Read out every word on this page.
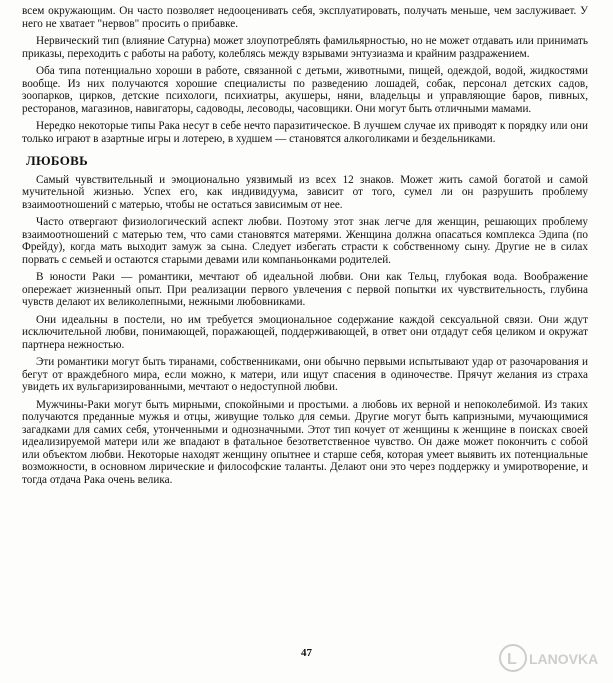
всем окружающим. Он часто позволяет недооценивать себя, эксплуатировать, получать меньше, чем заслуживает. У него не хватает "нервов" просить о прибавке.

Нервический тип (влияние Сатурна) может злоупотреблять фамильярностью, но не может отдавать или принимать приказы, переходить с работы на работу, колеблясь между взрывами энтузиазма и крайним раздражением.

Оба типа потенциально хороши в работе, связанной с детьми, животными, пищей, одеждой, водой, жидкостями вообще. Из них получаются хорошие специалисты по разведению лошадей, собак, персонал детских садов, зоопарков, цирков, детские психологи, психиатры, акушеры, няни, владельцы и управляющие баров, пивных, ресторанов, магазинов, навигаторы, садоводы, лесоводы, часовщики. Они могут быть отличными мамами.

Нередко некоторые типы Рака несут в себе нечто паразитическое. В лучшем случае их приводят к порядку или они только играют в азартные игры и лотерею, в худшем — становятся алкоголиками и бездельниками.

ЛЮБОВЬ

Самый чувствительный и эмоционально уязвимый из всех 12 знаков. Может жить самой богатой и самой мучительной жизнью. Успех его, как индивидуума, зависит от того, сумел ли он разрушить проблему взаимоотношений с матерью, чтобы не остаться зависимым от нее.

Часто отвергают физиологический аспект любви. Поэтому этот знак легче для женщин, решающих проблему взаимоотношений с матерью тем, что сами становятся матерями. Женщина должна опасаться комплекса Эдипа (по Фрейду), когда мать выходит замуж за сына. Следует избегать страсти к собственному сыну. Другие не в силах порвать с семьей и остаются старыми девами или компаньонками родителей.

В юности Раки — романтики, мечтают об идеальной любви. Они как Тельц, глубокая вода. Воображение опережает жизненный опыт. При реализации первого увлечения с первой попытки их чувствительность, глубина чувств делают их великолепными, нежными любовниками.

Они идеальны в постели, но им требуется эмоциональное содержание каждой сексуальной связи. Они ждут исключительной любви, понимающей, поражающей, поддерживающей, в ответ они отдадут себя целиком и окружат партнера нежностью.

Эти романтики могут быть тиранами, собственниками, они обычно первыми испытывают удар от разочарования и бегут от враждебного мира, если можно, к матери, или ищут спасения в одиночестве. Прячут желания из страха увидеть их вульгаризированными, мечтают о недоступной любви.

Мужчины-Раки могут быть мирными, спокойными и простыми. а любовь их верной и непоколебимой. Из таких получаются преданные мужья и отцы, живущие только для семьи. Другие могут быть капризными, мучающимися загадками для самих себя, утонченными и однозначными. Этот тип кочует от женщины к женщине в поисках своей идеализируемой матери или же впадают в фатальное безответственное чувство. Он даже может покончить с собой или объектом любви. Некоторые находят женщину опытнее и старше себя, которая умеет выявить их потенциальные возможности, в основном лирические и философские таланты. Делают они это через поддержку и умиротворение, и тогда отдача Рака очень велика.

47	L LANOVKA
